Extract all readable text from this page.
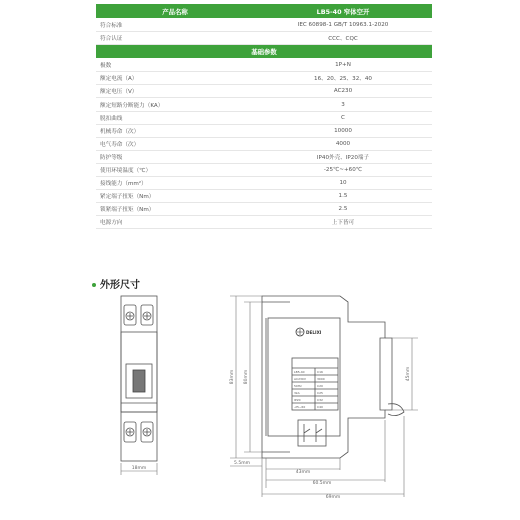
产品名称	LB5-40 窄体空开
符合标准	IEC 60898-1 GB/T 10963.1-2020
符合认证	CCC、CQC
基础参数	
极数	1P+N
额定电流（A）	16、20、25、32、40
额定电压（V）	AC230
额定短路分断能力（KA）	3
脱扣曲线	C
机械寿命（次）	10000
电气寿命（次）	4000
防护等级	IP40外壳、IP20端子
使用环境温度（℃）	-25℃~+60℃
接线能力（mm²）	10
紧定端子扭矩（Nm）	1.5
锁紧端子扭矩（Nm）	2.5
电源方向	上下皆可
外形尺寸
18mm
DELIXI
LB5-40	C16
AC230V	3000
50Hz	C20
3kA	C25
IP20	C32
-25~60	C40
83mm 80mm	45mm
5.5mm
43mm
60.5mm
69mm
